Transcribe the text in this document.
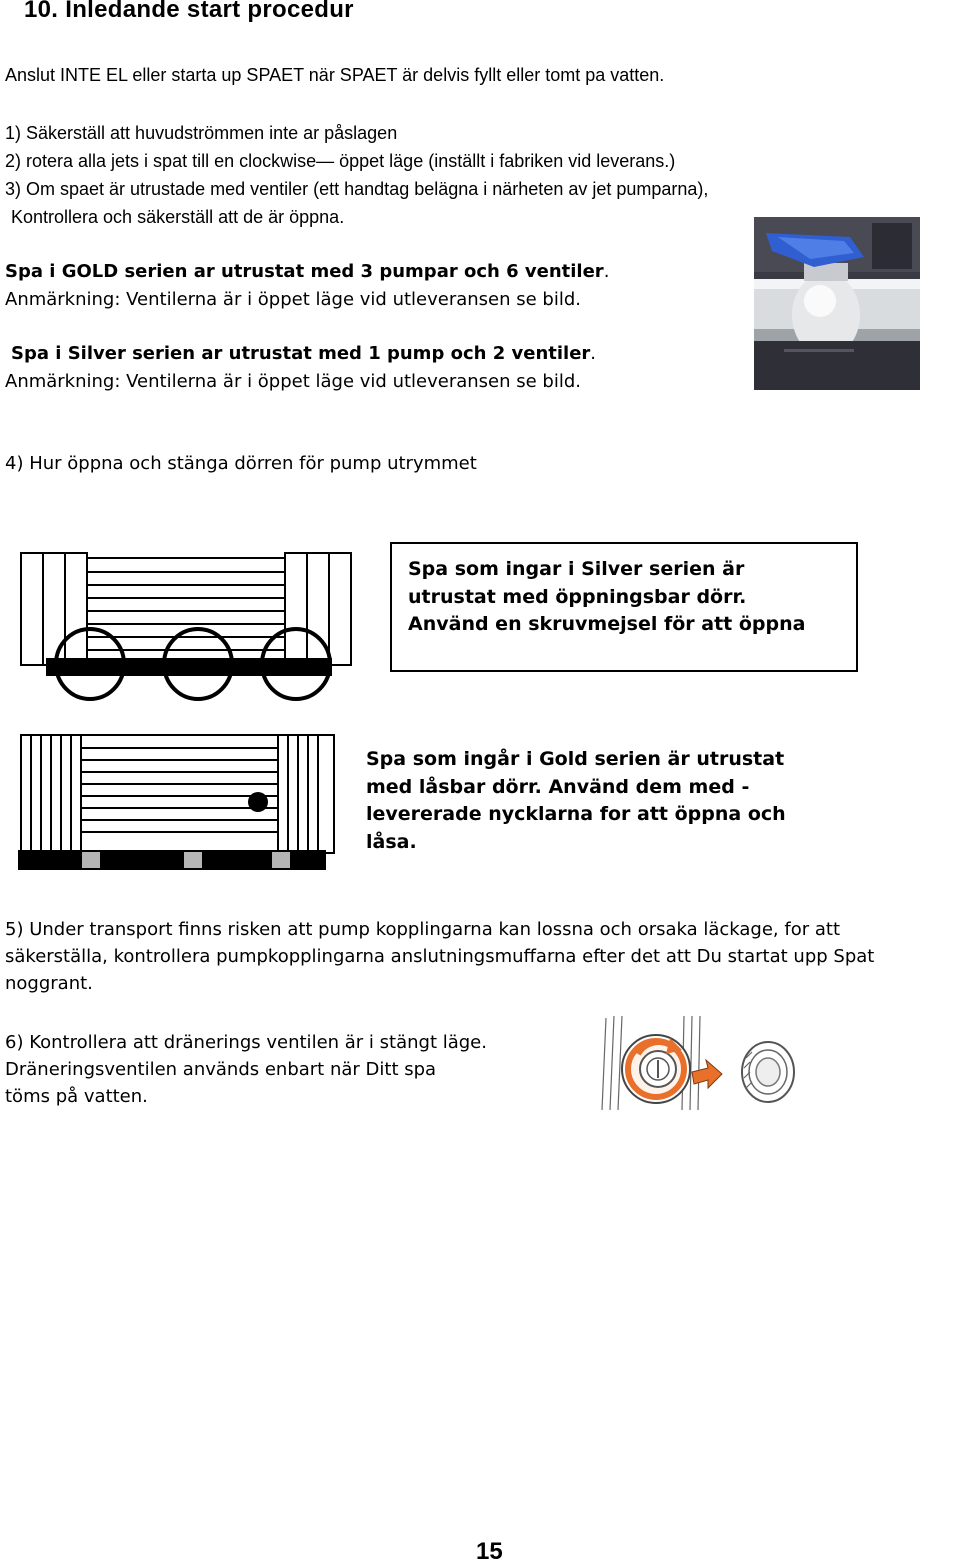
10. Inledande start procedur
Anslut INTE EL eller starta up SPAET när SPAET är delvis fyllt eller tomt pa vatten.
1) Säkerställ att huvudströmmen inte ar påslagen
2) rotera alla jets i spat till en clockwise— öppet läge (inställt i fabriken vid leverans.)
3) Om spaet är utrustade med ventiler (ett handtag belägna i närheten av jet pumparna),
Kontrollera och säkerställ att de är öppna.
Spa i GOLD serien ar utrustat med 3 pumpar och 6 ventiler.
Anmärkning: Ventilerna är i öppet läge vid utleveransen se bild.
Spa i Silver serien ar utrustat med 1 pump och 2 ventiler.
Anmärkning: Ventilerna är i öppet läge vid utleveransen se bild.
4) Hur öppna och stänga dörren för pump utrymmet
Spa som ingar i Silver serien är
utrustat med öppningsbar dörr.
Använd en skruvmejsel för att öppna
Spa som ingår i Gold serien är utrustat
med låsbar dörr. Använd dem med -
levererade nycklarna for att öppna och
låsa.
5) Under transport finns risken att pump kopplingarna kan lossna och orsaka läckage, for att
säkerställa, kontrollera pumpkopplingarna anslutningsmuffarna efter det att Du startat upp Spat
noggrant.
6) Kontrollera att dränerings ventilen är i stängt läge.
Dräneringsventilen används enbart när Ditt spa
töms på vatten.
15
